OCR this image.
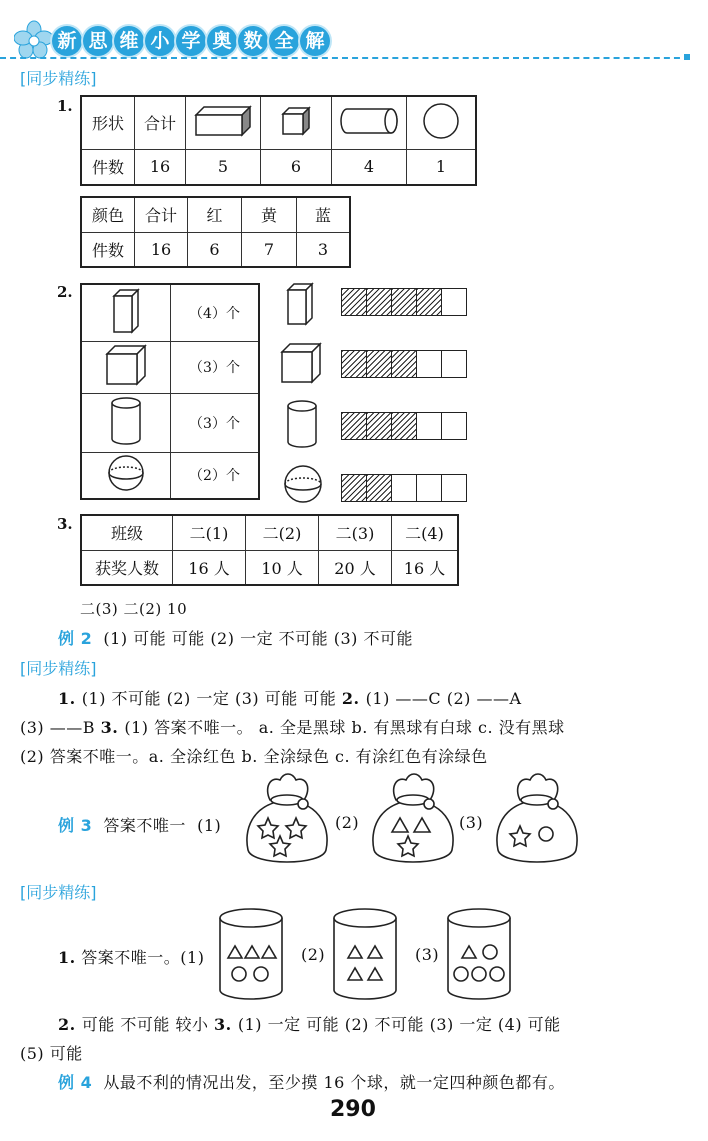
新 思 维 小 学 奥 数 全 解
[同步精练]
1.
形状	合计				
件数	16	5	6	4	1
颜色	合计	红	黄	蓝
件数	16	6	7	3
2.
	（4）个
	（3）个
	（3）个
	（2）个
3.
班级	二(1)	二(2)	二(3)	二(4)
获奖人数	16 人	10 人	20 人	16 人
二(3) 二(2) 10
例 2 (1) 可能 可能 (2) 一定 不可能 (3) 不可能
[同步精练]
1. (1) 不可能 (2) 一定 (3) 可能 可能 2. (1) ——C (2) ——A
(3) ——B 3. (1) 答案不唯一。 a. 全是黑球 b. 有黑球有白球 c. 没有黑球
(2) 答案不唯一。a. 全涂红色 b. 全涂绿色 c. 有涂红色有涂绿色
例 3 答案不唯一 (1)	(2)	(3)
[同步精练]
1. 答案不唯一。(1)	(2)	(3)
2. 可能 不可能 较小 3. (1) 一定 可能 (2) 不可能 (3) 一定 (4) 可能
(5) 可能
例 4 从最不利的情况出发，至少摸 16 个球，就一定四种颜色都有。
290
